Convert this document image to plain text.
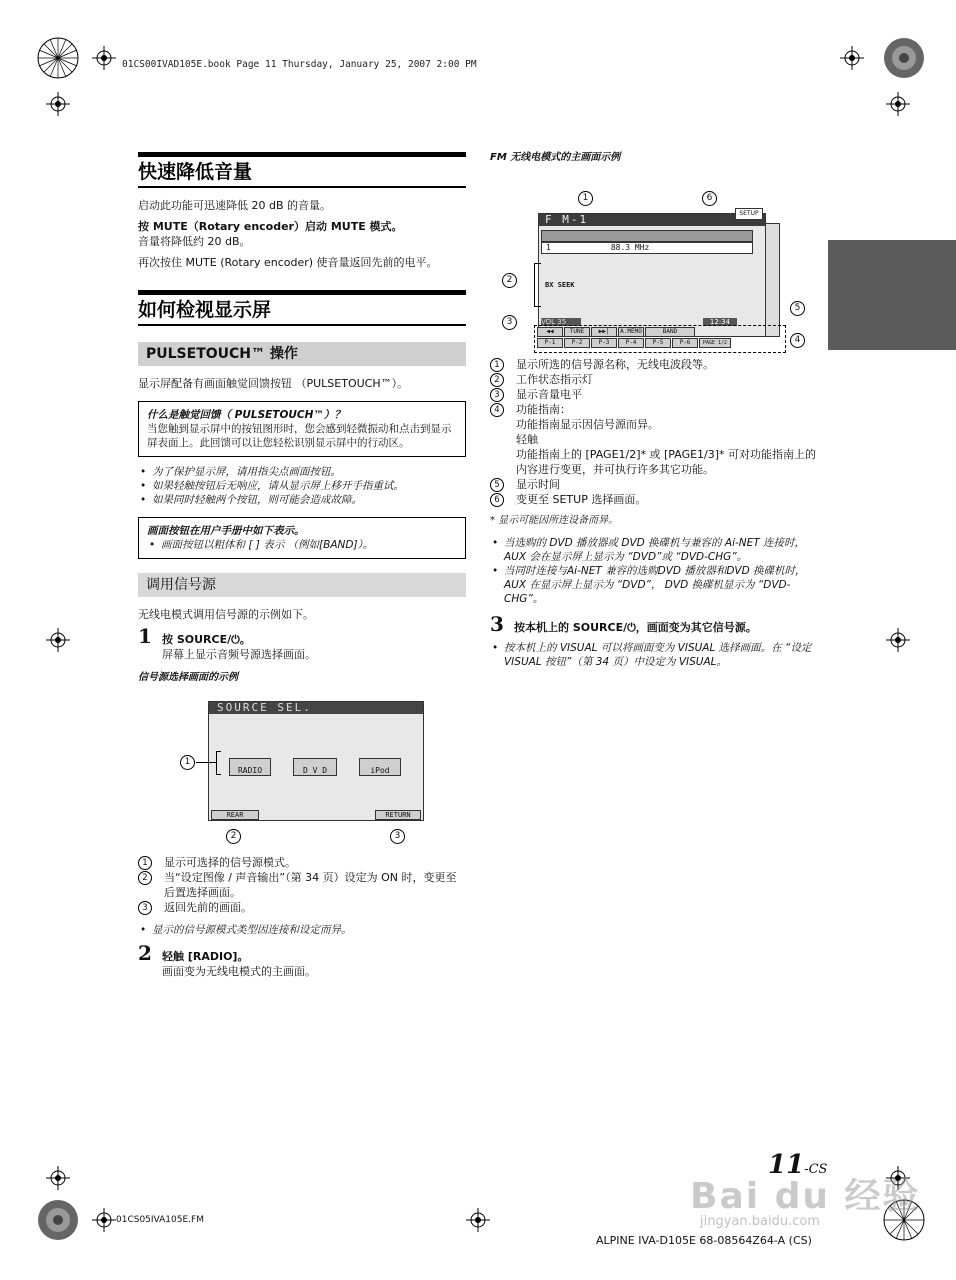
01CS00IVAD105E.book Page 11 Thursday, January 25, 2007 2:00 PM
快速降低音量
启动此功能可迅速降低 20 dB 的音量。
按 MUTE（Rotary encoder）启动 MUTE 模式。
音量将降低约 20 dB。
再次按住 MUTE (Rotary encoder) 使音量返回先前的电平。
如何检视显示屏
PULSETOUCH™ 操作
显示屏配备有画面触觉回馈按钮 （PULSETOUCH™）。
什么是触觉回馈（ PULSETOUCH™）？
当您触到显示屏中的按钮图形时，您会感到轻微振动和点击到显示屏表面上。此回馈可以让您轻松识别显示屏中的行动区。
• 为了保护显示屏，请用指尖点画面按钮。
• 如果轻触按钮后无响应，请从显示屏上移开手指重试。
• 如果同时轻触两个按钮，则可能会造成故障。
画面按钮在用户手册中如下表示。
• 画面按钮以粗体和 [ ] 表示 （例如[BAND]）。
调用信号源
无线电模式调用信号源的示例如下。
1 按 SOURCE/⏻。
屏幕上显示音频号源选择画面。
信号源选择画面的示例
SOURCE SEL.
RADIO	D V D	iPod
REAR	RETURN
1
2	3
1	显示可选择的信号源模式。
2	当“设定图像 / 声音输出”（第 34 页）设定为 ON 时，变更至后置选择画面。
3	返回先前的画面。
• 显示的信号源模式类型因连接和设定而异。
2 轻触 [RADIO]。
画面变为无线电模式的主画面。
FM 无线电模式的主画面示例
F M-1	SETUP
1	88.3 MHz
BX SEEK
VOL 35	12:34
◀◀	TUNE	▶▶|	A.MEMO	BAND
P-1	P-2	P-3	P-4	P-5	P-6	PAGE 1/2
1
2
3
4
5
6
1	显示所选的信号源名称，无线电波段等。
2	工作状态指示灯
3	显示音量电平
4	功能指南：
功能指南显示因信号源而异。
轻触
功能指南上的 [PAGE1/2]* 或 [PAGE1/3]* 可对功能指南上的内容进行变更，并可执行许多其它功能。
5	显示时间
6	变更至 SETUP 选择画面。
* 显示可能因所连设备而异。
• 当选购的 DVD 播放器或 DVD 换碟机与兼容的 Ai-NET 连接时， AUX 会在显示屏上显示为 “DVD”或 “DVD-CHG”。
• 当同时连接与Ai-NET 兼容的选购DVD 播放器和DVD 换碟机时，AUX 在显示屏上显示为 “DVD”， DVD 换碟机显示为 “DVD-CHG”。
3 按本机上的 SOURCE/⏻，画面变为其它信号源。
• 按本机上的 VISUAL 可以将画面变为 VISUAL 选择画面。在 “设定 VISUAL 按钮”（第 34 页）中设定为 VISUAL。
11-CS
Bai du 经验
jingyan.baidu.com
01CS05IVA105E.FM
ALPINE IVA-D105E 68-08564Z64-A (CS)
